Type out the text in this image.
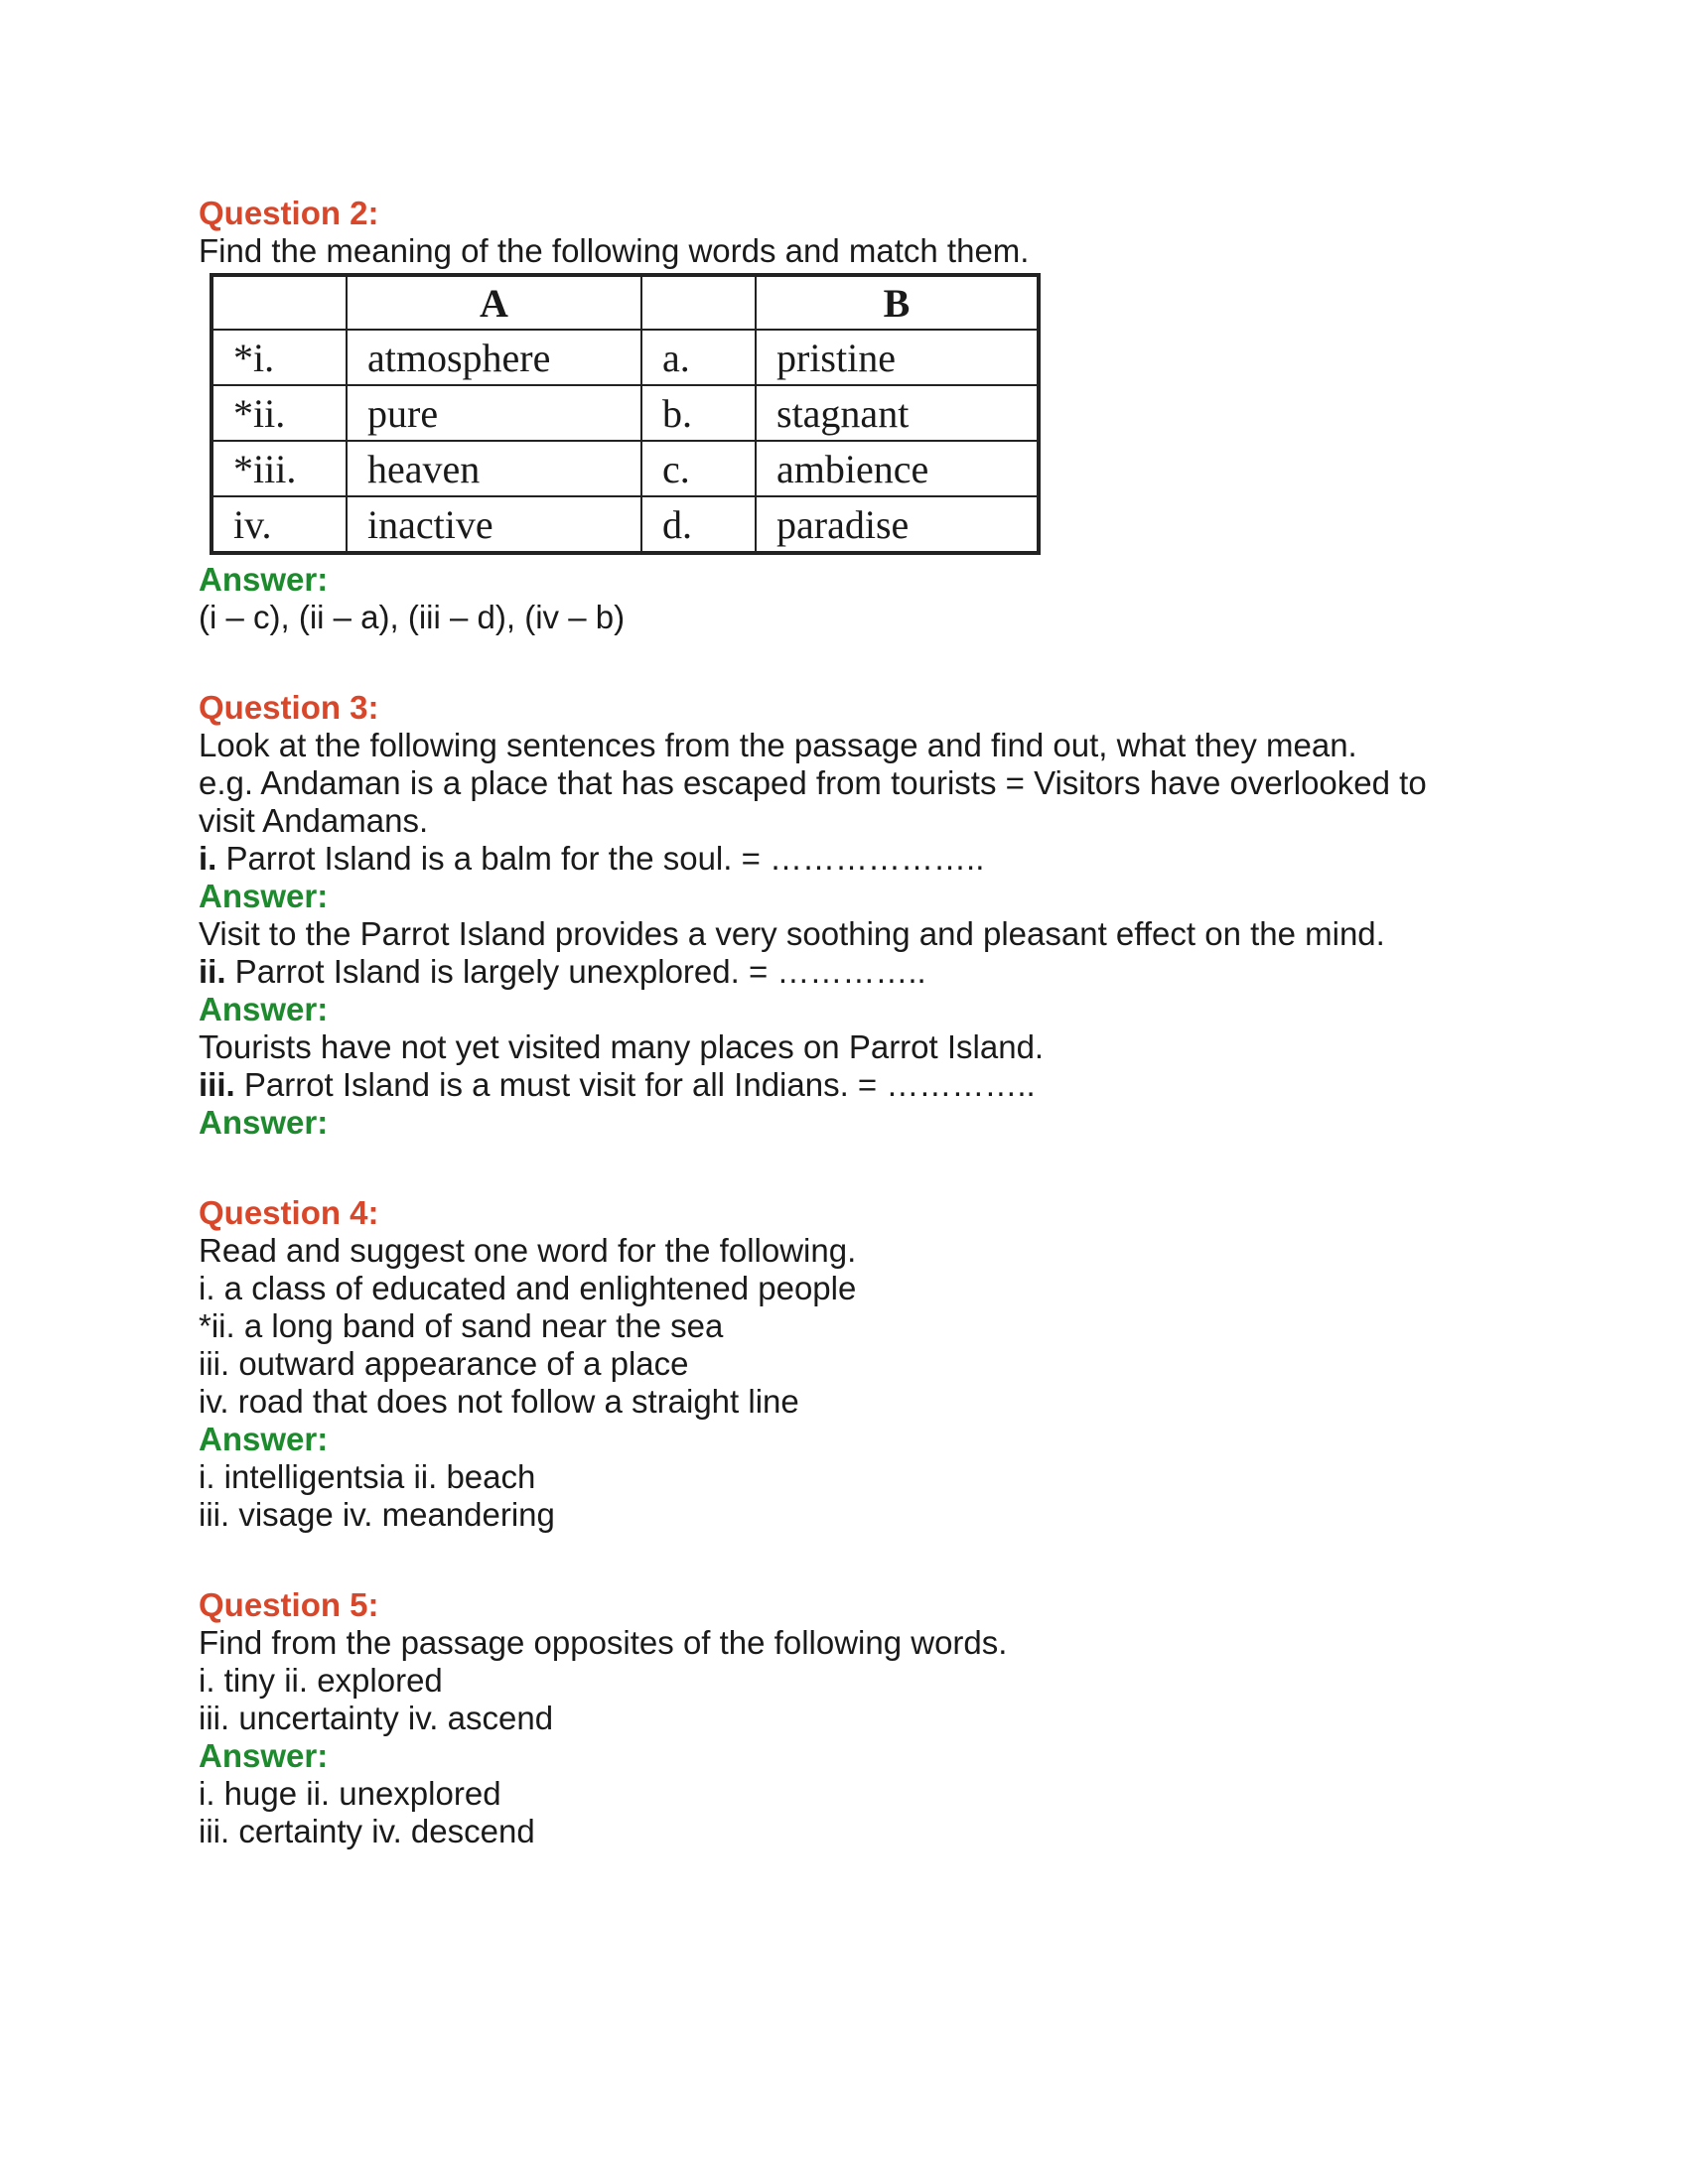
Question 2:
Find the meaning of the following words and match them.
	A		B
*i.	atmosphere	a.	pristine
*ii.	pure	b.	stagnant
*iii.	heaven	c.	ambience
iv.	inactive	d.	paradise
Answer:
(i – c), (ii – a), (iii – d), (iv – b)
Question 3:
Look at the following sentences from the passage and find out, what they mean.
e.g. Andaman is a place that has escaped from tourists = Visitors have overlooked to
visit Andamans.
i. Parrot Island is a balm for the soul. = ………………..
Answer:
Visit to the Parrot Island provides a very soothing and pleasant effect on the mind.
ii. Parrot Island is largely unexplored. = …………..
Answer:
Tourists have not yet visited many places on Parrot Island.
iii. Parrot Island is a must visit for all Indians. = …………..
Answer:
Question 4:
Read and suggest one word for the following.
i. a class of educated and enlightened people
*ii. a long band of sand near the sea
iii. outward appearance of a place
iv. road that does not follow a straight line
Answer:
i. intelligentsia ii. beach
iii. visage iv. meandering
Question 5:
Find from the passage opposites of the following words.
i. tiny ii. explored
iii. uncertainty iv. ascend
Answer:
i. huge ii. unexplored
iii. certainty iv. descend
